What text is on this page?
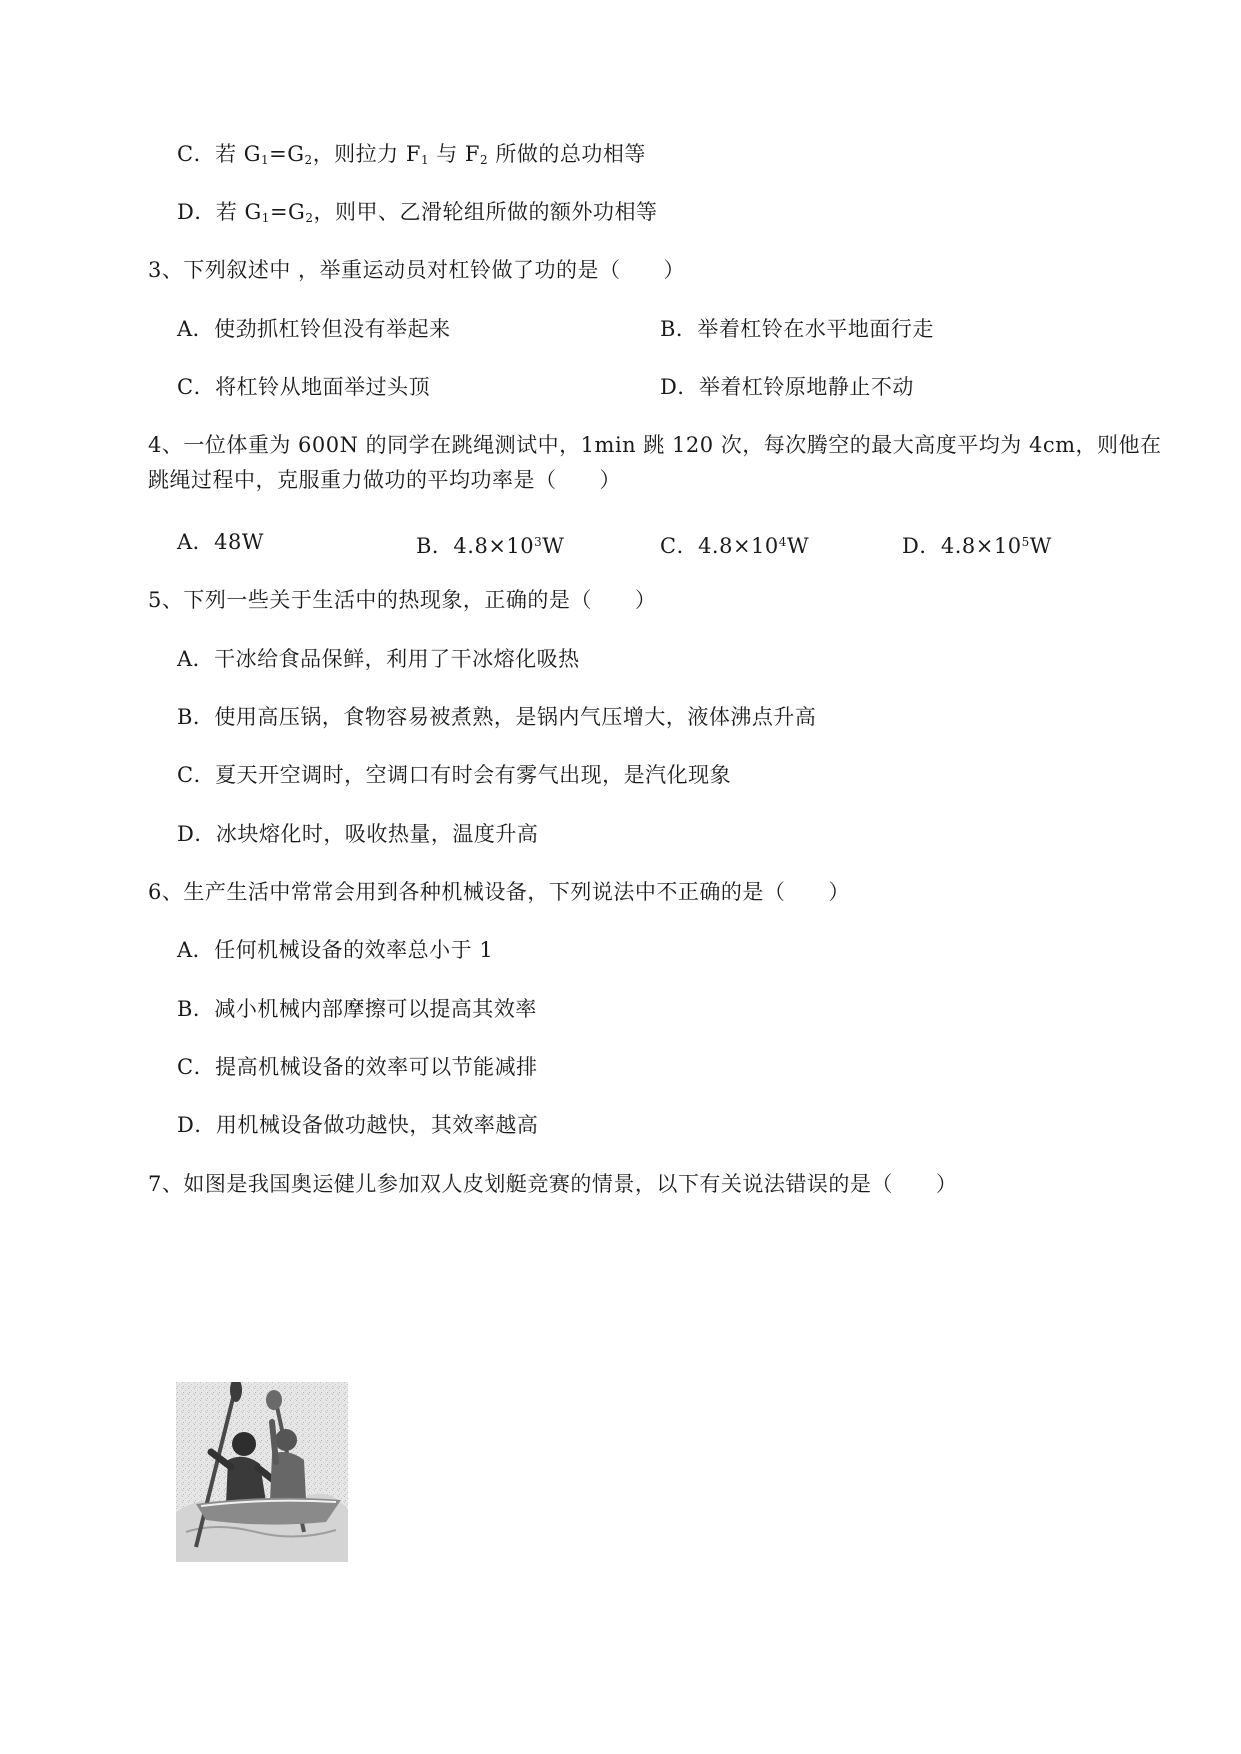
C．若 $G_1=G_2$，则拉力 $F_1$ 与 $F_2$ 所做的总功相等
D．若 $G_1=G_2$，则甲、乙滑轮组所做的额外功相等
3、下列叙述中 ，举重运动员对杠铃做了功的是（　　）
A．使劲抓杠铃但没有举起来	B．举着杠铃在水平地面行走
C．将杠铃从地面举过头顶	D．举着杠铃原地静止不动
4、一位体重为 600N 的同学在跳绳测试中，1min 跳 120 次，每次腾空的最大高度平均为 4cm，则他在
跳绳过程中，克服重力做功的平均功率是（　　）
A．48W	B．$4.8\times 10^3W$	C．$4.8\times 10^4W$	D．$4.8\times 10^5W$
5、下列一些关于生活中的热现象，正确的是（　　）
A．干冰给食品保鲜，利用了干冰熔化吸热
B．使用高压锅，食物容易被煮熟，是锅内气压增大，液体沸点升高
C．夏天开空调时，空调口有时会有雾气出现，是汽化现象
D．冰块熔化时，吸收热量，温度升高
6、生产生活中常常会用到各种机械设备，下列说法中不正确的是（　　）
A．任何机械设备的效率总小于 1
B．减小机械内部摩擦可以提高其效率
C．提高机械设备的效率可以节能减排
D．用机械设备做功越快，其效率越高
7、如图是我国奥运健儿参加双人皮划艇竞赛的情景，以下有关说法错误的是（　　）
